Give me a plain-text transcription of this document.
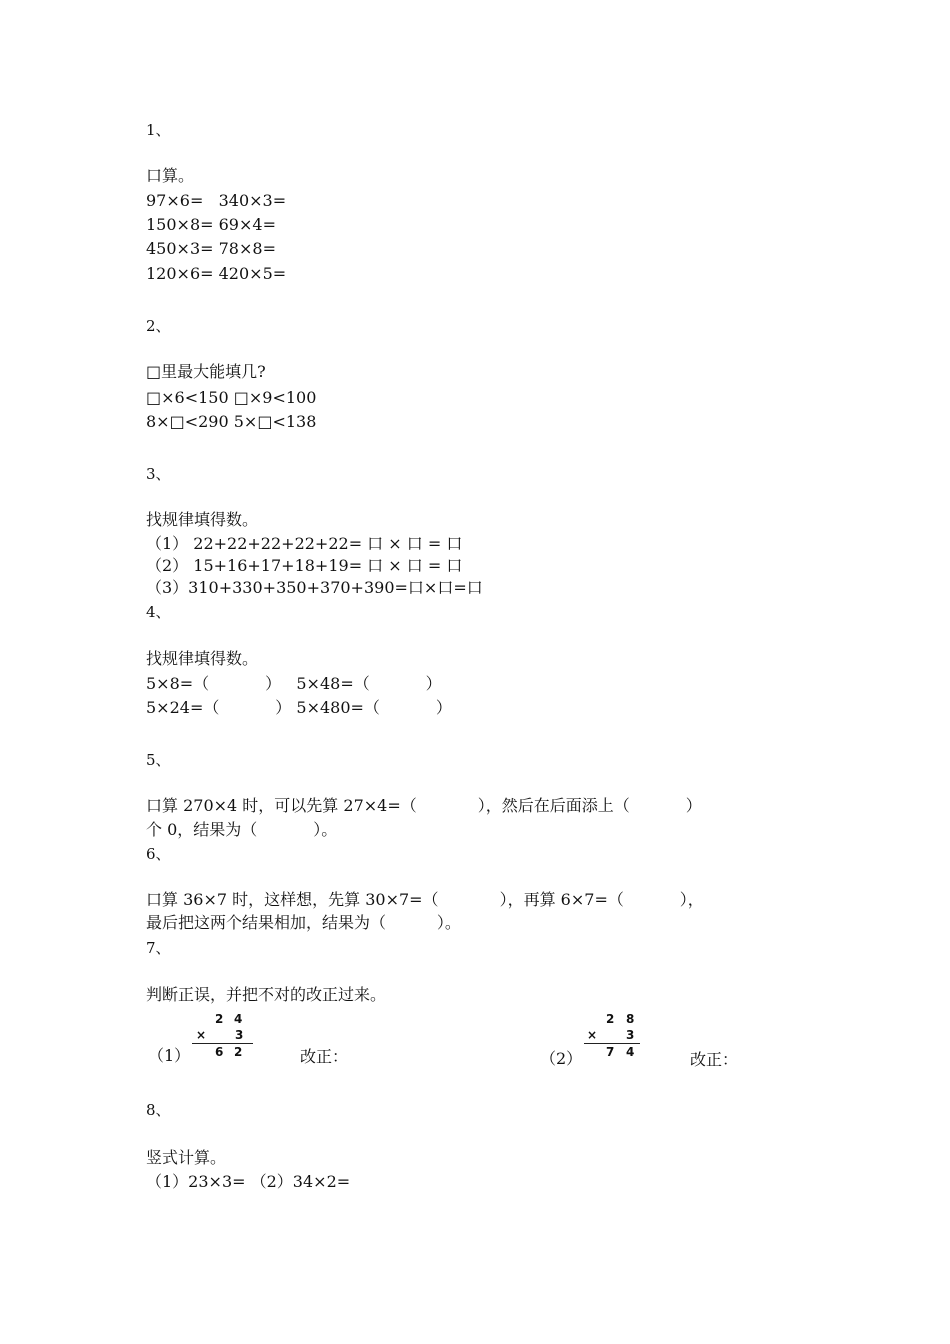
1、
口算。
97×6=   340×3=
150×8= 69×4=
450×3= 78×8=
120×6= 420×5=
2、
□里最大能填几?
□×6<150 □×9<100
8×□<290 5×□<138
3、
找规律填得数。
（1） 22+22+22+22+22= 口 × 口 = 口
（2） 15+16+17+18+19= 口 × 口 = 口
（3）310+330+350+370+390=口×口=口
4、
找规律填得数。
5×8=（           ）   5×48=（           ）
5×24=（           ） 5×480=（           ）
5、
口算 270×4 时，可以先算 27×4=（            ），然后在后面添上（           ）
个 0，结果为（           ）。
6、
口算 36×7 时，这样想，先算 30×7=（            ），再算 6×7=（           ），
最后把这两个结果相加，结果为（          ）。
7、
判断正误，并把不对的改正过来。
（1）
2 4
× 3
6 2	改正：	（2）
2 8
× 3
7 4	改正：
8、
竖式计算。
（1）23×3= （2）34×2=
